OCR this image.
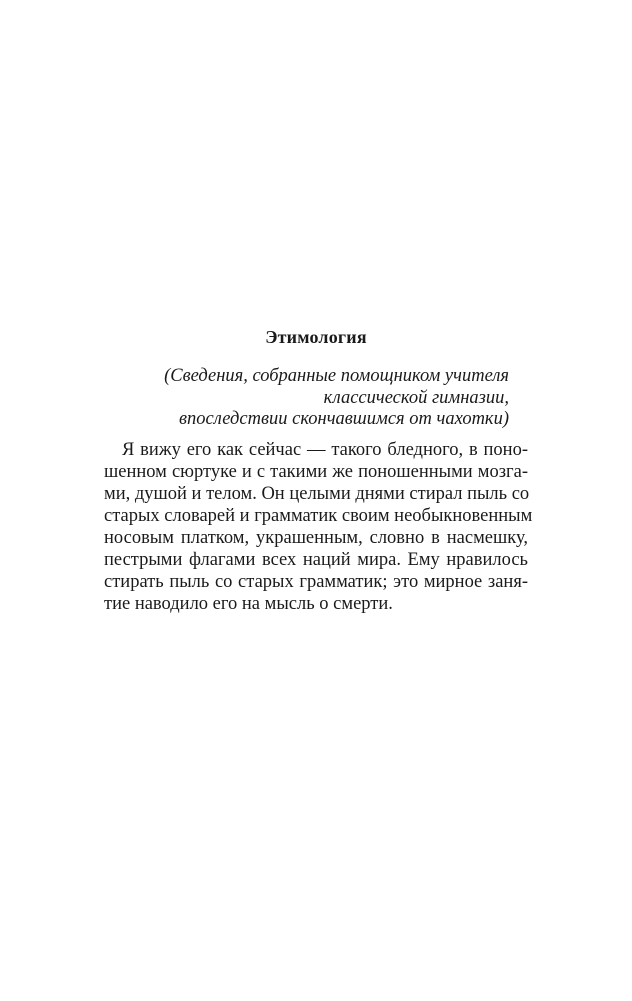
Этимология
(Сведения, собранные помощником учителя
классической гимназии,
впоследствии скончавшимся от чахотки)
Я вижу его как сейчас — такого бледного, в поно-
шенном сюртуке и с такими же поношенными мозга-
ми, душой и телом. Он целыми днями стирал пыль со
старых словарей и грамматик своим необыкновенным
носовым платком, украшенным, словно в насмешку,
пестрыми флагами всех наций мира. Ему нравилось
стирать пыль со старых грамматик; это мирное заня-
тие наводило его на мысль о смерти.
